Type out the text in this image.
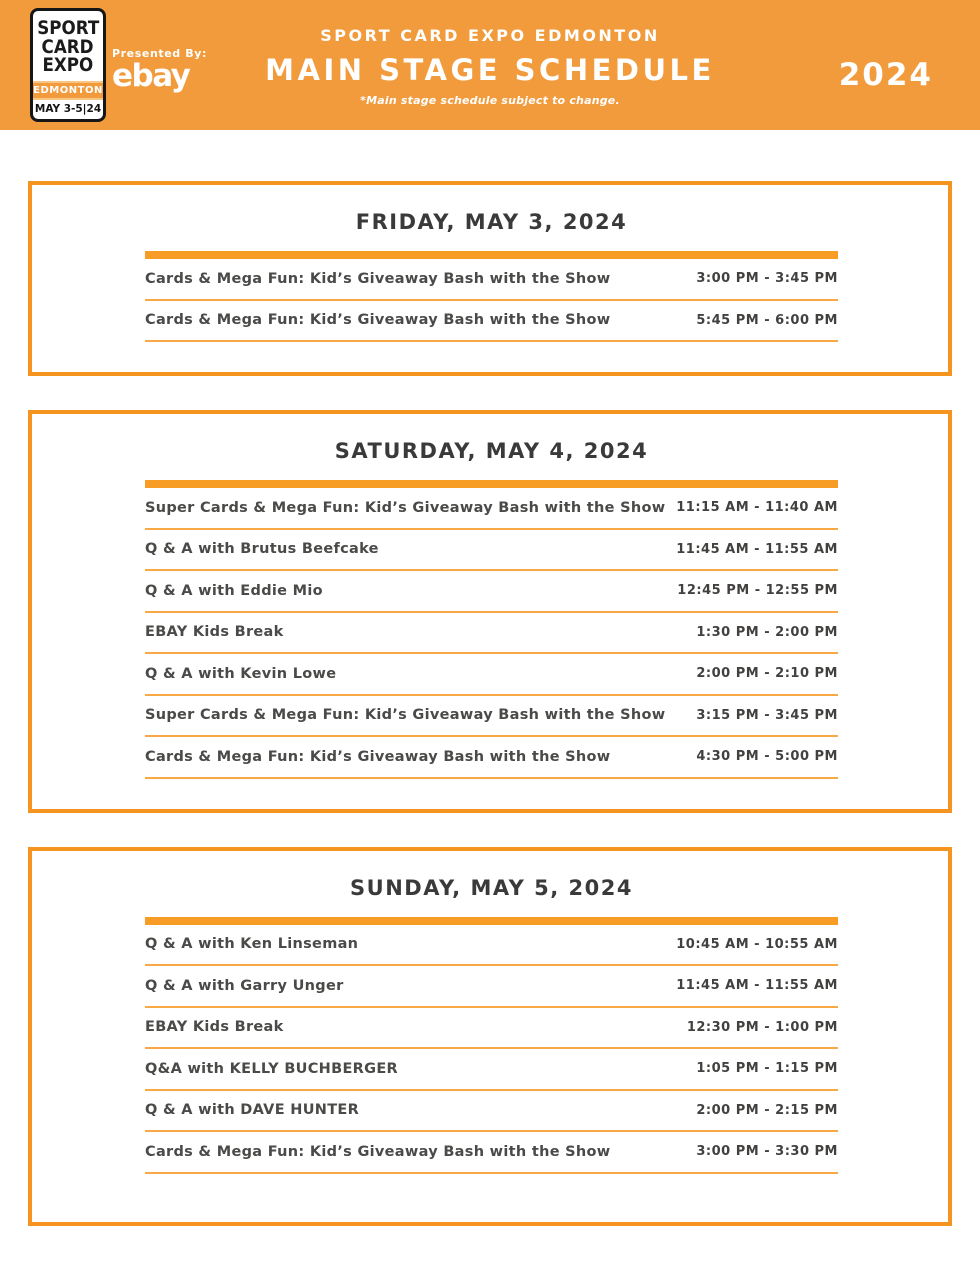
SPORT
CARD
EXPO
EDMONTON
MAY 3-5|24
Presented By:
ebay
SPORT CARD EXPO EDMONTON
MAIN STAGE SCHEDULE
*Main stage schedule subject to change.
2024
FRIDAY, MAY 3, 2024
Cards & Mega Fun: Kid’s Giveaway Bash with the Show	3:00 PM - 3:45 PM
Cards & Mega Fun: Kid’s Giveaway Bash with the Show	5:45 PM - 6:00 PM
SATURDAY, MAY 4, 2024
Super Cards & Mega Fun: Kid’s Giveaway Bash with the Show 11:15 AM - 11:40 AM
Q & A with Brutus Beefcake	11:45 AM - 11:55 AM
Q & A with Eddie Mio	12:45 PM - 12:55 PM
EBAY Kids Break	1:30 PM - 2:00 PM
Q & A with Kevin Lowe	2:00 PM - 2:10 PM
Super Cards & Mega Fun: Kid’s Giveaway Bash with the Show 3:15 PM - 3:45 PM
Cards & Mega Fun: Kid’s Giveaway Bash with the Show	4:30 PM - 5:00 PM
SUNDAY, MAY 5, 2024
Q & A with Ken Linseman	10:45 AM - 10:55 AM
Q & A with Garry Unger	11:45 AM - 11:55 AM
EBAY Kids Break	12:30 PM - 1:00 PM
Q&A with KELLY BUCHBERGER	1:05 PM - 1:15 PM
Q & A with DAVE HUNTER	2:00 PM - 2:15 PM
Cards & Mega Fun: Kid’s Giveaway Bash with the Show	3:00 PM - 3:30 PM
